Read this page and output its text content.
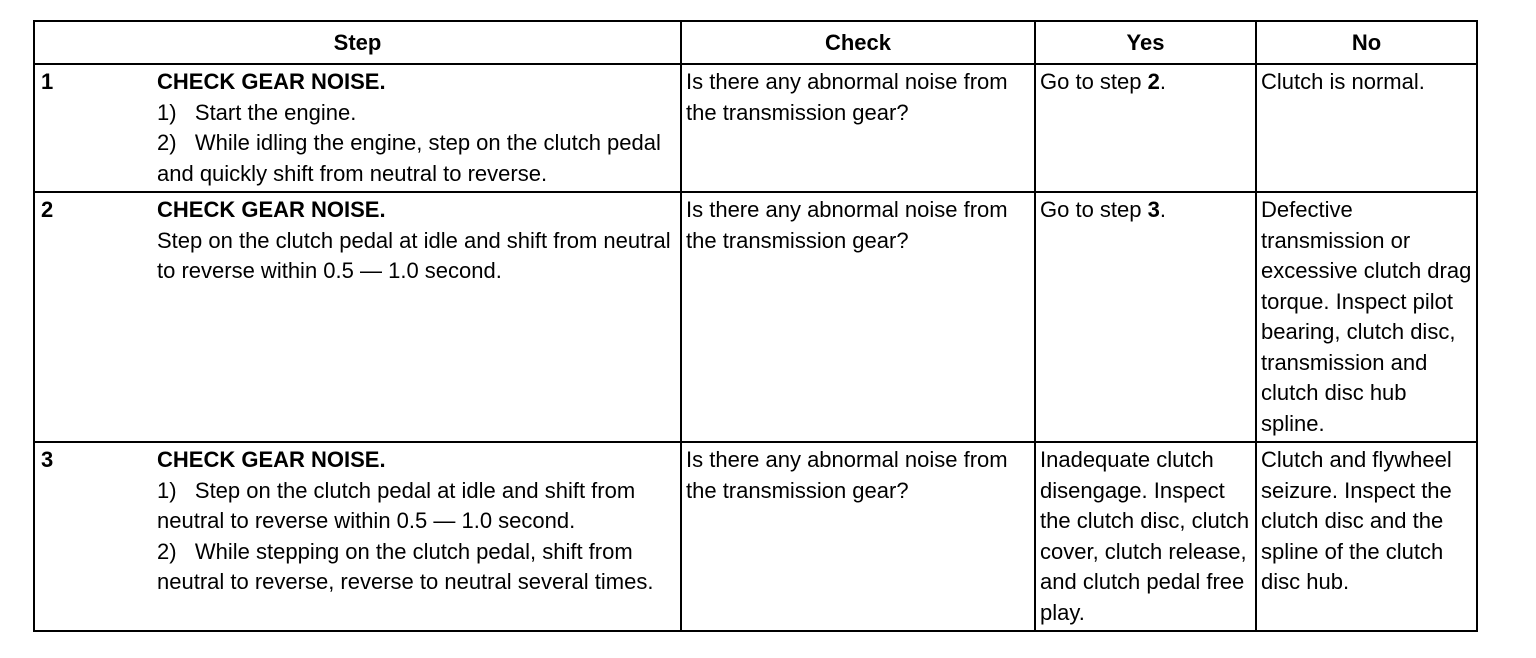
Step	Check	Yes	No

1 CHECK GEAR NOISE.
1)   Start the engine.
2)   While idling the engine, step on the clutch pedal and quickly shift from neutral to reverse.	Is there any abnormal noise from the transmission gear?	Go to step 2.	Clutch is normal.

2 CHECK GEAR NOISE.
Step on the clutch pedal at idle and shift from neutral to reverse within 0.5 — 1.0 second.	Is there any abnormal noise from the transmission gear?	Go to step 3.	Defective transmission or excessive clutch drag torque. Inspect pilot bearing, clutch disc, transmission and clutch disc hub spline.

3 CHECK GEAR NOISE.
1)   Step on the clutch pedal at idle and shift from neutral to reverse within 0.5 — 1.0 second.
2)   While stepping on the clutch pedal, shift from neutral to reverse, reverse to neutral several times.	Is there any abnormal noise from the transmission gear?	Inadequate clutch disengage. Inspect the clutch disc, clutch cover, clutch release, and clutch pedal free play.	Clutch and flywheel seizure. Inspect the clutch disc and the spline of the clutch disc hub.
